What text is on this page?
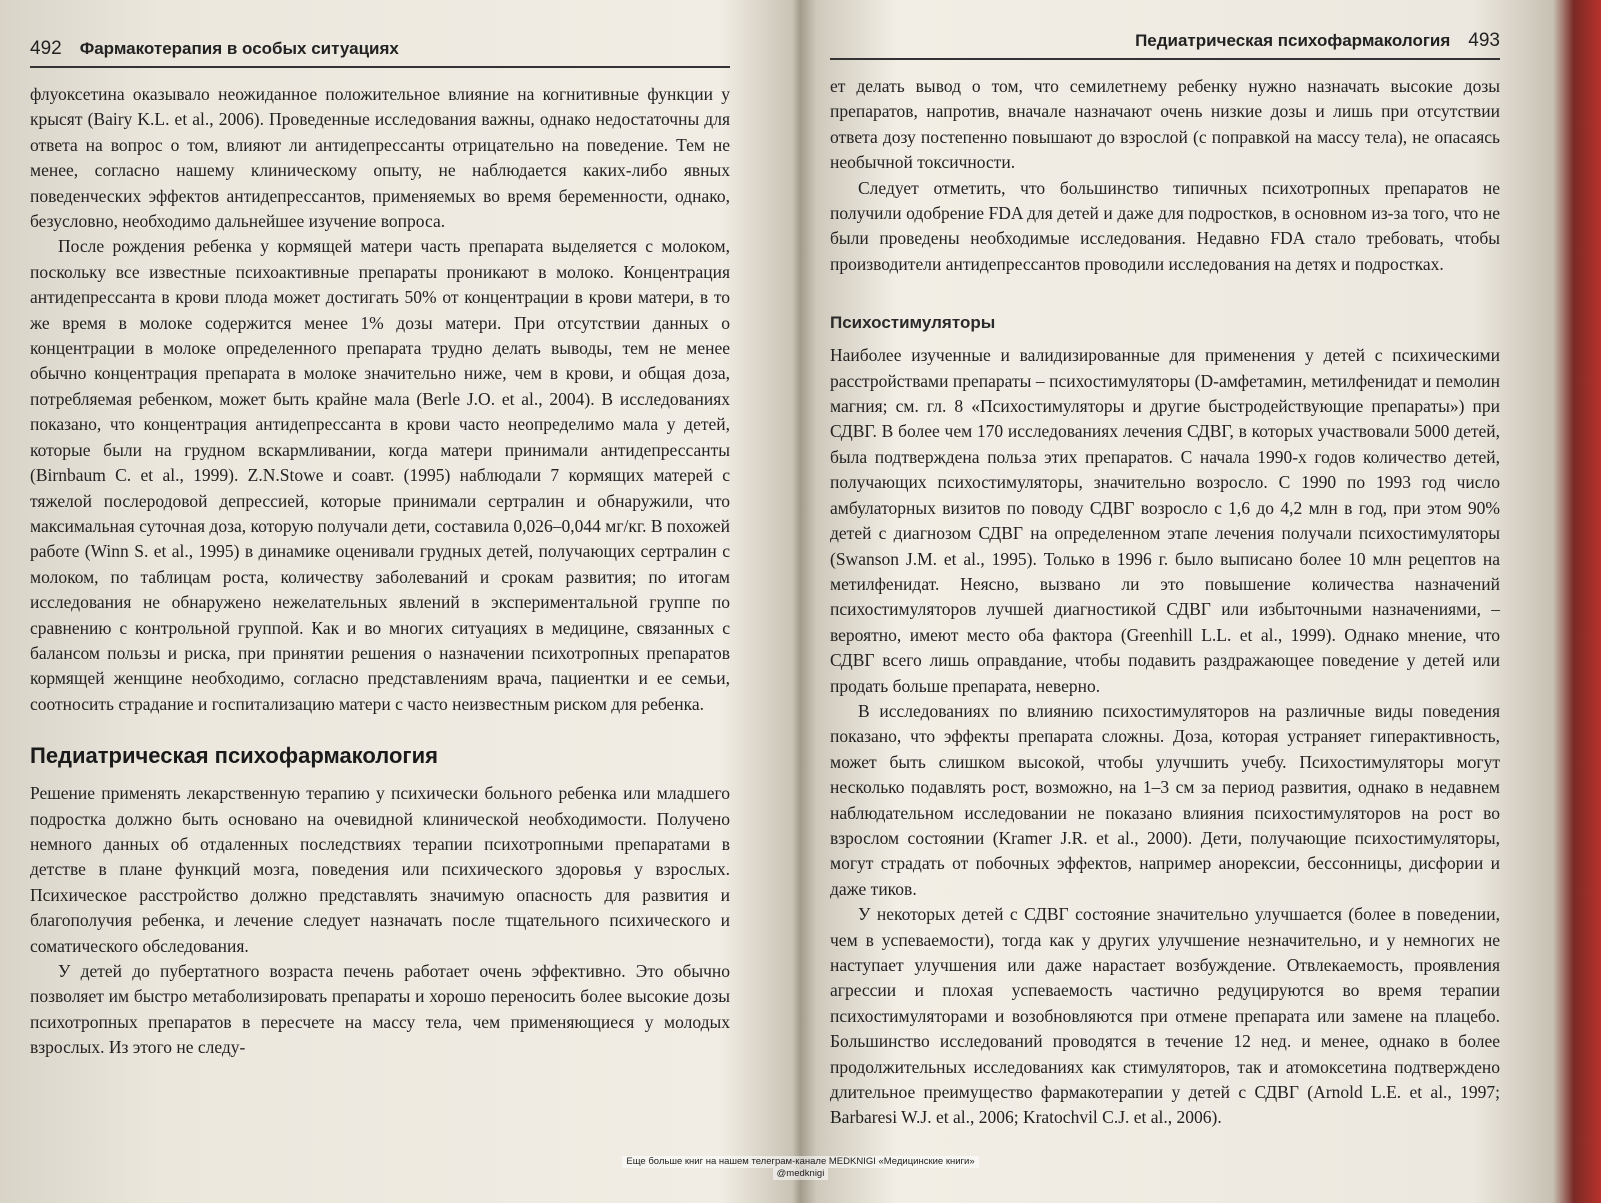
492 Фармакотерапия в особых ситуациях

флуоксетина оказывало неожиданное положительное влияние на когнитивные функции у крысят (Bairy K.L. et al., 2006). Проведенные исследования важны, однако недостаточны для ответа на вопрос о том, влияют ли антидепрессанты отрицательно на поведение. Тем не менее, согласно нашему клиническому опыту, не наблюдается каких-либо явных поведенческих эффектов антидепрессантов, применяемых во время беременности, однако, безусловно, необходимо дальнейшее изучение вопроса.

После рождения ребенка у кормящей матери часть препарата выделяется с молоком, поскольку все известные психоактивные препараты проникают в молоко. Концентрация антидепрессанта в крови плода может достигать 50% от концентрации в крови матери, в то же время в молоке содержится менее 1% дозы матери. При отсутствии данных о концентрации в молоке определенного препарата трудно делать выводы, тем не менее обычно концентрация препарата в молоке значительно ниже, чем в крови, и общая доза, потребляемая ребенком, может быть крайне мала (Berle J.O. et al., 2004). В исследованиях показано, что концентрация антидепрессанта в крови часто неопределимо мала у детей, которые были на грудном вскармливании, когда матери принимали антидепрессанты (Birnbaum C. et al., 1999). Z.N.Stowe и соавт. (1995) наблюдали 7 кормящих матерей с тяжелой послеродовой депрессией, которые принимали сертралин и обнаружили, что максимальная суточная доза, которую получали дети, составила 0,026–0,044 мг/кг. В похожей работе (Winn S. et al., 1995) в динамике оценивали грудных детей, получающих сертралин с молоком, по таблицам роста, количеству заболеваний и срокам развития; по итогам исследования не обнаружено нежелательных явлений в экспериментальной группе по сравнению с контрольной группой. Как и во многих ситуациях в медицине, связанных с балансом пользы и риска, при принятии решения о назначении психотропных препаратов кормящей женщине необходимо, согласно представлениям врача, пациентки и ее семьи, соотносить страдание и госпитализацию матери с часто неизвестным риском для ребенка.

Педиатрическая психофармакология

Решение применять лекарственную терапию у психически больного ребенка или младшего подростка должно быть основано на очевидной клинической необходимости. Получено немного данных об отдаленных последствиях терапии психотропными препаратами в детстве в плане функций мозга, поведения или психического здоровья у взрослых. Психическое расстройство должно представлять значимую опасность для развития и благополучия ребенка, и лечение следует назначать после тщательного психического и соматического обследования.

У детей до пубертатного возраста печень работает очень эффективно. Это обычно позволяет им быстро метаболизировать препараты и хорошо переносить более высокие дозы психотропных препаратов в пересчете на массу тела, чем применяющиеся у молодых взрослых. Из этого не следу-

Педиатрическая психофармакология 493

ет делать вывод о том, что семилетнему ребенку нужно назначать высокие дозы препаратов, напротив, вначале назначают очень низкие дозы и лишь при отсутствии ответа дозу постепенно повышают до взрослой (с поправкой на массу тела), не опасаясь необычной токсичности.

Следует отметить, что большинство типичных психотропных препаратов не получили одобрение FDA для детей и даже для подростков, в основном из-за того, что не были проведены необходимые исследования. Недавно FDA стало требовать, чтобы производители антидепрессантов проводили исследования на детях и подростках.

Психостимуляторы

Наиболее изученные и валидизированные для применения у детей с психическими расстройствами препараты – психостимуляторы (D-амфетамин, метилфенидат и пемолин магния; см. гл. 8 «Психостимуляторы и другие быстродействующие препараты») при СДВГ. В более чем 170 исследованиях лечения СДВГ, в которых участвовали 5000 детей, была подтверждена польза этих препаратов. С начала 1990-х годов количество детей, получающих психостимуляторы, значительно возросло. С 1990 по 1993 год число амбулаторных визитов по поводу СДВГ возросло с 1,6 до 4,2 млн в год, при этом 90% детей с диагнозом СДВГ на определенном этапе лечения получали психостимуляторы (Swanson J.M. et al., 1995). Только в 1996 г. было выписано более 10 млн рецептов на метилфенидат. Неясно, вызвано ли это повышение количества назначений психостимуляторов лучшей диагностикой СДВГ или избыточными назначениями, – вероятно, имеют место оба фактора (Greenhill L.L. et al., 1999). Однако мнение, что СДВГ всего лишь оправдание, чтобы подавить раздражающее поведение у детей или продать больше препарата, неверно.

В исследованиях по влиянию психостимуляторов на различные виды поведения показано, что эффекты препарата сложны. Доза, которая устраняет гиперактивность, может быть слишком высокой, чтобы улучшить учебу. Психостимуляторы могут несколько подавлять рост, возможно, на 1–3 см за период развития, однако в недавнем наблюдательном исследовании не показано влияния психостимуляторов на рост во взрослом состоянии (Kramer J.R. et al., 2000). Дети, получающие психостимуляторы, могут страдать от побочных эффектов, например анорексии, бессонницы, дисфории и даже тиков.

У некоторых детей с СДВГ состояние значительно улучшается (более в поведении, чем в успеваемости), тогда как у других улучшение незначительно, и у немногих не наступает улучшения или даже нарастает возбуждение. Отвлекаемость, проявления агрессии и плохая успеваемость частично редуцируются во время терапии психостимуляторами и возобновляются при отмене препарата или замене на плацебо. Большинство исследований проводятся в течение 12 нед. и менее, однако в более продолжительных исследованиях как стимуляторов, так и атомоксетина подтверждено длительное преимущество фармакотерапии у детей с СДВГ (Arnold L.E. et al., 1997; Barbaresi W.J. et al., 2006; Kratochvil C.J. et al., 2006).

Еще больше книг на нашем телеграм-канале MEDKNIGI «Медицинские книги»
@medknigi
